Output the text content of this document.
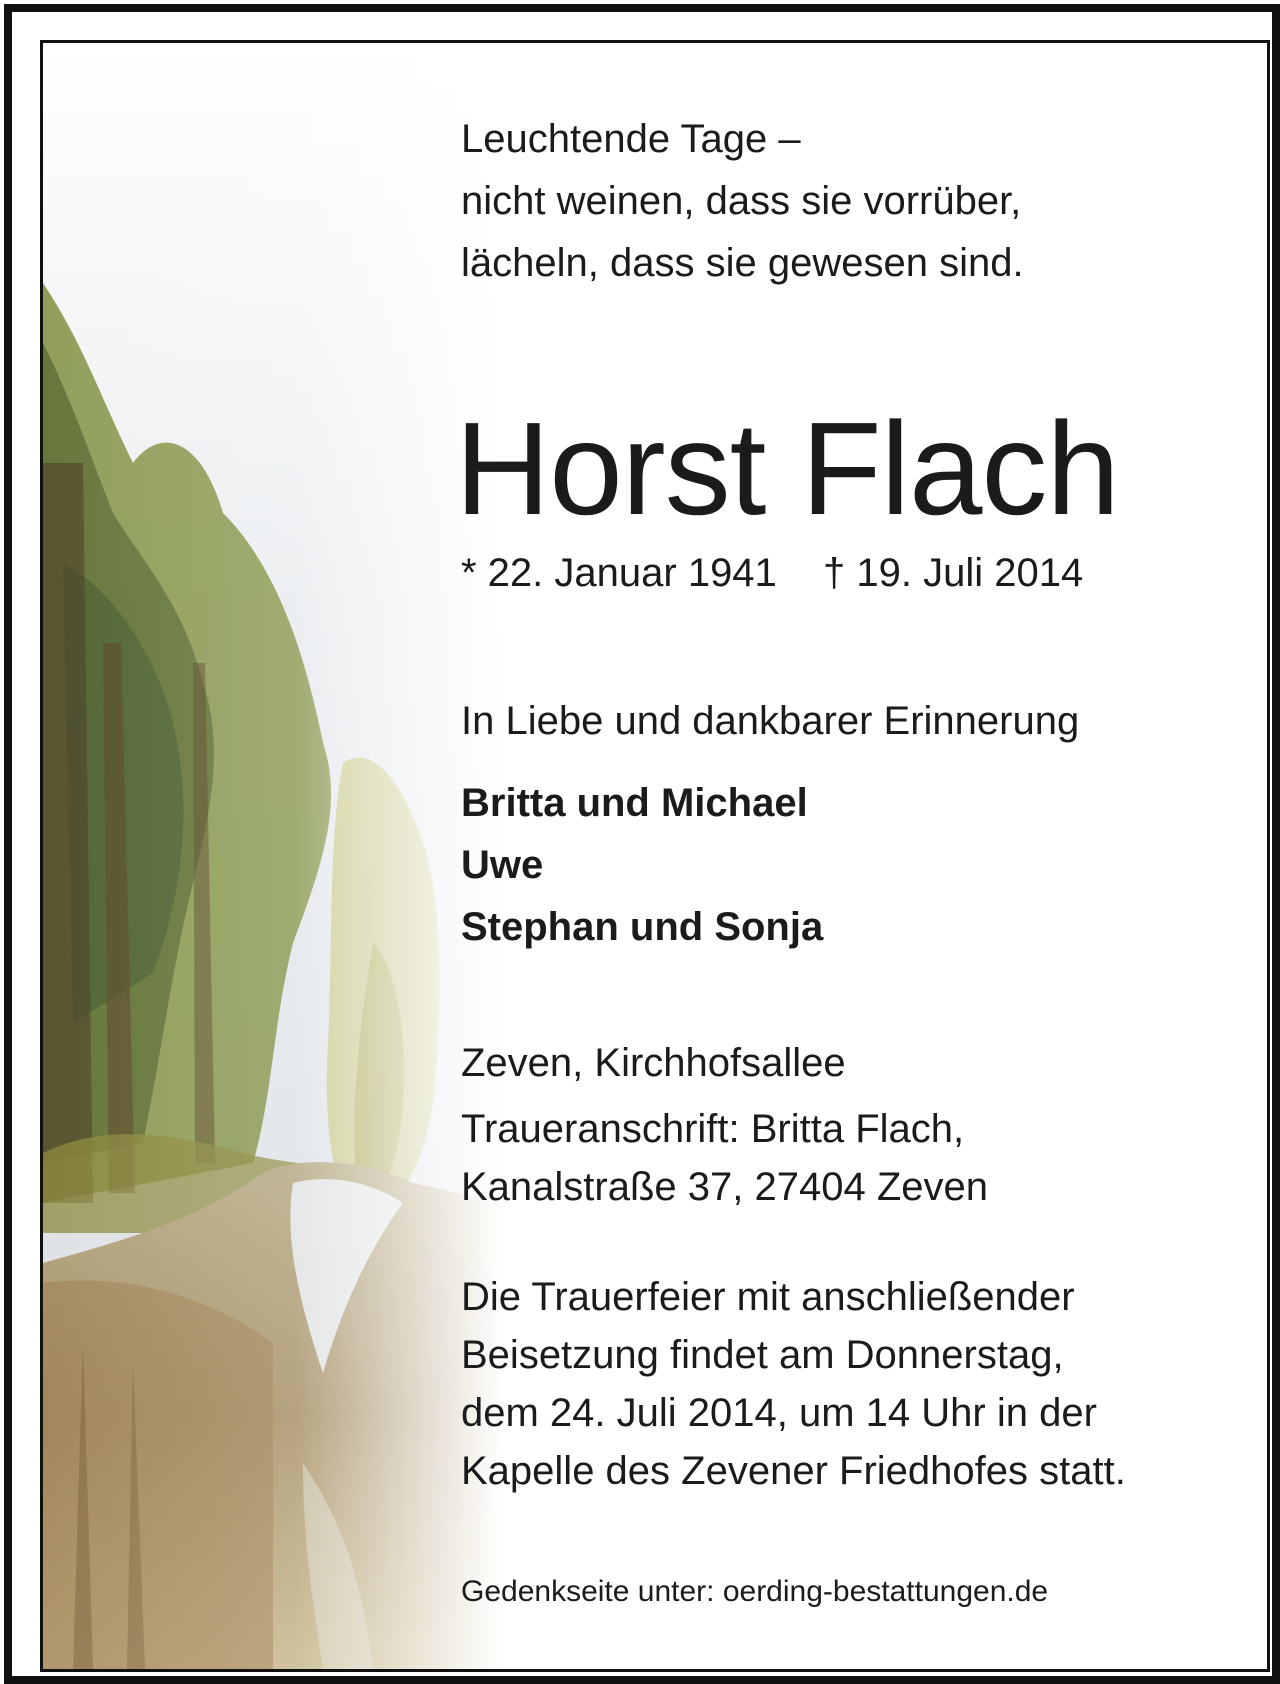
Leuchtende Tage –
nicht weinen, dass sie vorrüber,
lächeln, dass sie gewesen sind.
Horst Flach
* 22. Januar 1941 † 19. Juli 2014
In Liebe und dankbarer Erinnerung
Britta und Michael
Uwe
Stephan und Sonja
Zeven, Kirchhofsallee
Traueranschrift: Britta Flach,
Kanalstraße 37, 27404 Zeven
Die Trauerfeier mit anschließender
Beisetzung findet am Donnerstag,
dem 24. Juli 2014, um 14 Uhr in der
Kapelle des Zevener Friedhofes statt.
Gedenkseite unter: oerding-bestattungen.de
